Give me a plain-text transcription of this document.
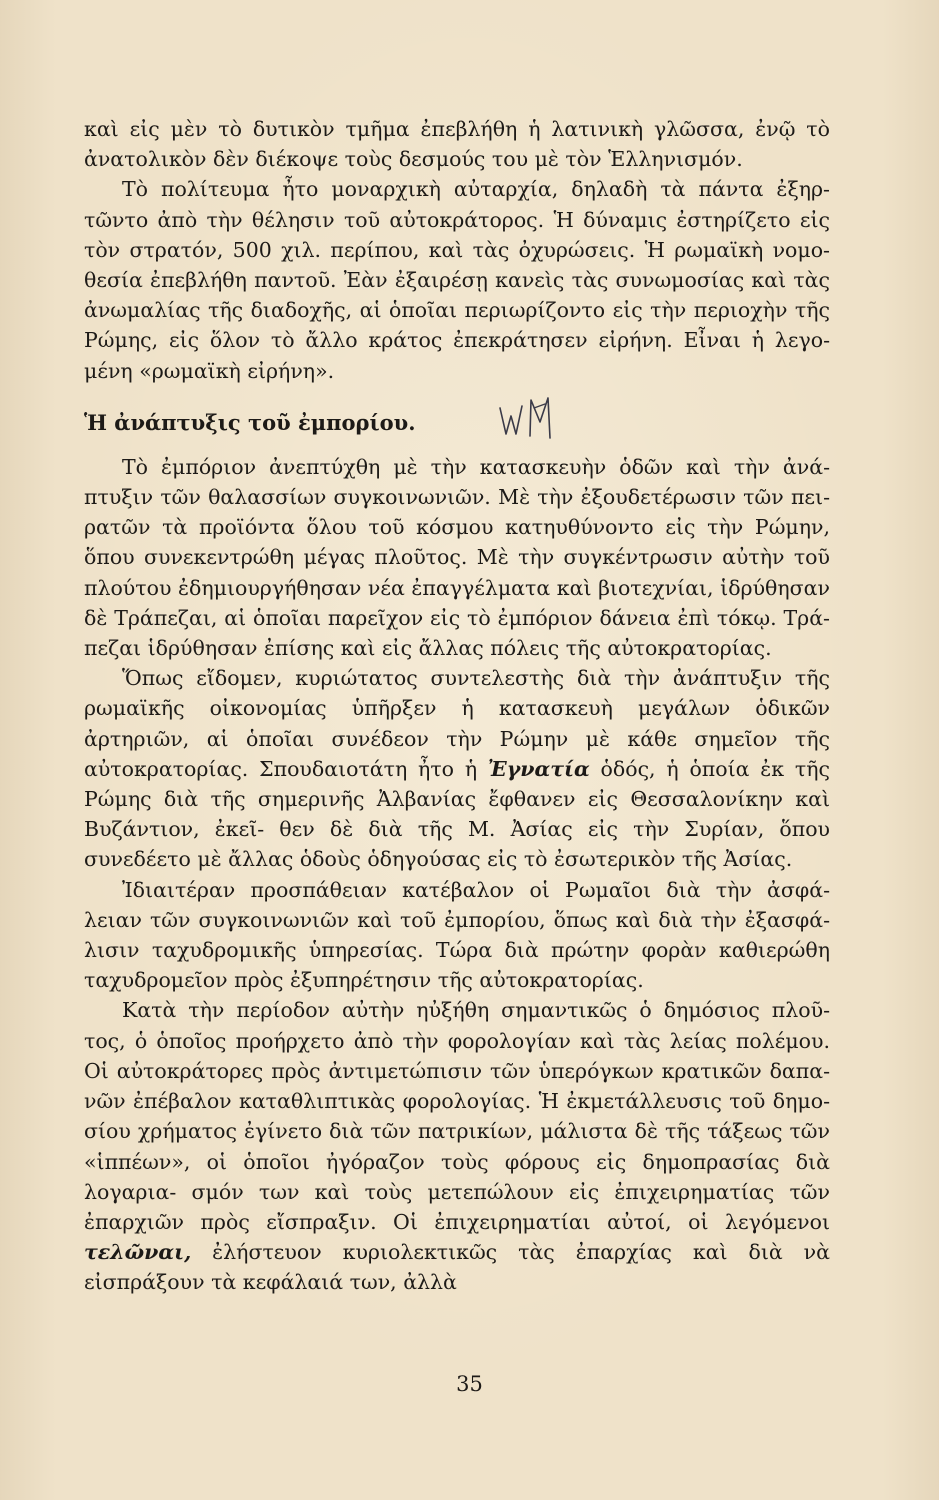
καὶ εἰς μὲν τὸ δυτικὸν τμῆμα ἐπεβλήθη ἡ λατινικὴ γλῶσσα, ἐνῷ τὸ ἀνατολικὸν δὲν διέκοψε τοὺς δεσμούς του μὲ τὸν Ἑλληνισμόν.

Τὸ πολίτευμα ἦτο μοναρχικὴ αὐταρχία, δηλαδὴ τὰ πάντα ἐξηρ- τῶντο ἀπὸ τὴν θέλησιν τοῦ αὐτοκράτορος. Ἡ δύναμις ἐστηρίζετο εἰς τὸν στρατόν, 500 χιλ. περίπου, καὶ τὰς ὀχυρώσεις. Ἡ ρωμαϊκὴ νομο- θεσία ἐπεβλήθη παντοῦ. Ἐὰν ἐξαιρέσῃ κανεὶς τὰς συνωμοσίας καὶ τὰς ἀνωμαλίας τῆς διαδοχῆς, αἱ ὁποῖαι περιωρίζοντο εἰς τὴν περιοχὴν τῆς Ρώμης, εἰς ὅλον τὸ ἄλλο κράτος ἐπεκράτησεν εἰρήνη. Εἶναι ἡ λεγο- μένη «ρωμαϊκὴ εἰρήνη».

Ἡ ἀνάπτυξις τοῦ ἐμπορίου.

Τὸ ἐμπόριον ἀνεπτύχθη μὲ τὴν κατασκευὴν ὁδῶν καὶ τὴν ἀνά- πτυξιν τῶν θαλασσίων συγκοινωνιῶν. Μὲ τὴν ἐξουδετέρωσιν τῶν πει- ρατῶν τὰ προϊόντα ὅλου τοῦ κόσμου κατηυθύνοντο εἰς τὴν Ρώμην, ὅπου συνεκεντρώθη μέγας πλοῦτος. Μὲ τὴν συγκέντρωσιν αὐτὴν τοῦ πλούτου ἐδημιουργήθησαν νέα ἐπαγγέλματα καὶ βιοτεχνίαι, ἱδρύθησαν δὲ Τράπεζαι, αἱ ὁποῖαι παρεῖχον εἰς τὸ ἐμπόριον δάνεια ἐπὶ τόκῳ. Τρά- πεζαι ἱδρύθησαν ἐπίσης καὶ εἰς ἄλλας πόλεις τῆς αὐτοκρατορίας.

Ὅπως εἴδομεν, κυριώτατος συντελεστὴς διὰ τὴν ἀνάπτυξιν τῆς ρωμαϊκῆς οἰκονομίας ὑπῆρξεν ἡ κατασκευὴ μεγάλων ὁδικῶν ἀρτηριῶν, αἱ ὁποῖαι συνέδεον τὴν Ρώμην μὲ κάθε σημεῖον τῆς αὐτοκρατορίας. Σπουδαιοτάτη ἦτο ἡ Ἐγνατία ὁδός, ἡ ὁποία ἐκ τῆς Ρώμης διὰ τῆς σημερινῆς Ἀλβανίας ἔφθανεν εἰς Θεσσαλονίκην καὶ Βυζάντιον, ἐκεῖ- θεν δὲ διὰ τῆς Μ. Ἀσίας εἰς τὴν Συρίαν, ὅπου συνεδέετο μὲ ἄλλας ὁδοὺς ὁδηγούσας εἰς τὸ ἐσωτερικὸν τῆς Ἀσίας.

Ἰδιαιτέραν προσπάθειαν κατέβαλον οἱ Ρωμαῖοι διὰ τὴν ἀσφά- λειαν τῶν συγκοινωνιῶν καὶ τοῦ ἐμπορίου, ὅπως καὶ διὰ τὴν ἐξασφά- λισιν ταχυδρομικῆς ὑπηρεσίας. Τώρα διὰ πρώτην φορὰν καθιερώθη ταχυδρομεῖον πρὸς ἐξυπηρέτησιν τῆς αὐτοκρατορίας.

Κατὰ τὴν περίοδον αὐτὴν ηὐξήθη σημαντικῶς ὁ δημόσιος πλοῦ- τος, ὁ ὁποῖος προήρχετο ἀπὸ τὴν φορολογίαν καὶ τὰς λείας πολέμου. Οἱ αὐτοκράτορες πρὸς ἀντιμετώπισιν τῶν ὑπερόγκων κρατικῶν δαπα- νῶν ἐπέβαλον καταθλιπτικὰς φορολογίας. Ἡ ἐκμετάλλευσις τοῦ δημο- σίου χρήματος ἐγίνετο διὰ τῶν πατρικίων, μάλιστα δὲ τῆς τάξεως τῶν «ἱππέων», οἱ ὁποῖοι ἠγόραζον τοὺς φόρους εἰς δημοπρασίας διὰ λογαρια- σμόν των καὶ τοὺς μετεπώλουν εἰς ἐπιχειρηματίας τῶν ἐπαρχιῶν πρὸς εἴσπραξιν. Οἱ ἐπιχειρηματίαι αὐτοί, οἱ λεγόμενοι τελῶναι, ἐλήστευον κυριολεκτικῶς τὰς ἐπαρχίας καὶ διὰ νὰ εἰσπράξουν τὰ κεφάλαιά των, ἀλλὰ

35
